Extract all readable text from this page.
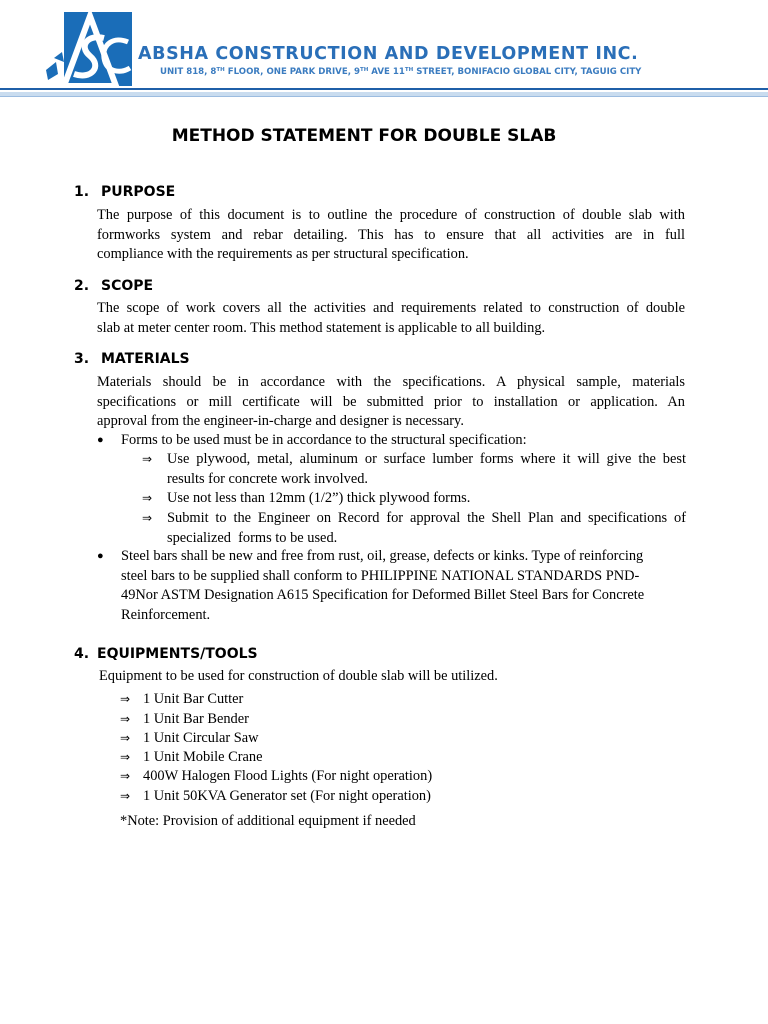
ABSHA CONSTRUCTION AND DEVELOPMENT INC.
UNIT 818, 8TH FLOOR, ONE PARK DRIVE, 9TH AVE 11TH STREET, BONIFACIO GLOBAL CITY, TAGUIG CITY
METHOD STATEMENT FOR DOUBLE SLAB
1. PURPOSE
The purpose of this document is to outline the procedure of construction of double slab with
formworks system and rebar detailing. This has to ensure that all activities are in full
compliance with the requirements as per structural specification.
2. SCOPE
The scope of work covers all the activities and requirements related to construction of double
slab at meter center room. This method statement is applicable to all building.
3. MATERIALS
Materials should be in accordance with the specifications. A physical sample, materials
specifications or mill certificate will be submitted prior to installation or application. An
approval from the engineer-in-charge and designer is necessary.
● Forms to be used must be in accordance to the structural specification:
⇒ Use plywood, metal, aluminum or surface lumber forms where it will give the best
results for concrete work involved.
⇒ Use not less than 12mm (1/2”) thick plywood forms.
⇒ Submit to the Engineer on Record for approval the Shell Plan and specifications of
specialized  forms to be used.
● Steel bars shall be new and free from rust, oil, grease, defects or kinks. Type of reinforcing
steel bars to be supplied shall conform to PHILIPPINE NATIONAL STANDARDS PND-
49Nor ASTM Designation A615 Specification for Deformed Billet Steel Bars for Concrete
Reinforcement.
4. EQUIPMENTS/TOOLS
Equipment to be used for construction of double slab will be utilized.
⇒ 1 Unit Bar Cutter
⇒ 1 Unit Bar Bender
⇒ 1 Unit Circular Saw
⇒ 1 Unit Mobile Crane
⇒ 400W Halogen Flood Lights (For night operation)
⇒ 1 Unit 50KVA Generator set (For night operation)
*Note: Provision of additional equipment if needed
